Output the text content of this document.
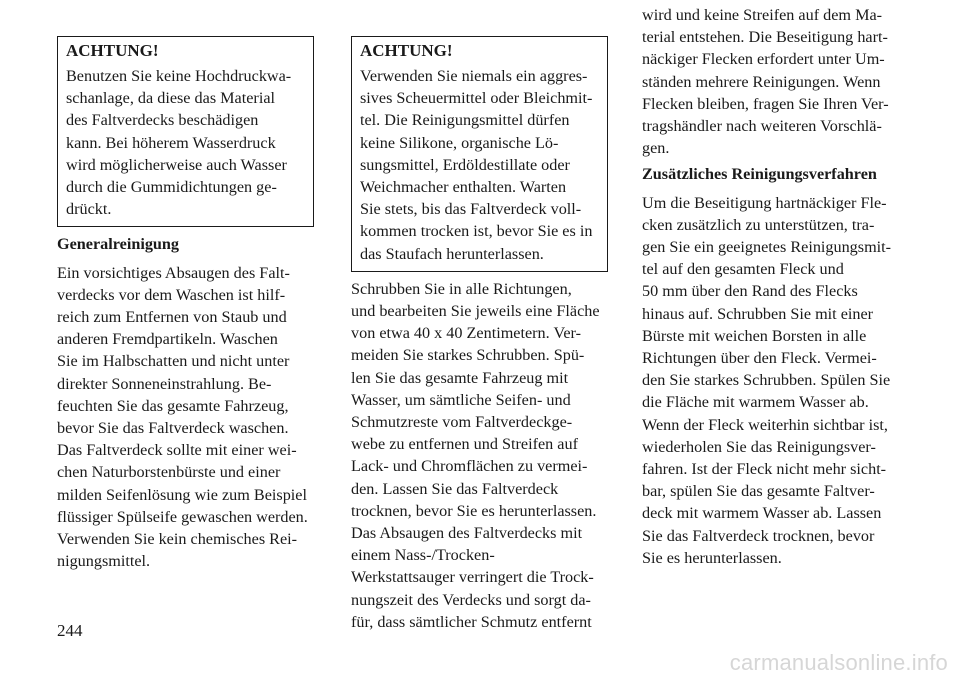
ACHTUNG!

Benutzen Sie keine Hochdruckwa-
schanlage, da diese das Material
des Faltverdecks beschädigen
kann. Bei höherem Wasserdruck
wird möglicherweise auch Wasser
durch die Gummidichtungen ge-
drückt.

Generalreinigung

Ein vorsichtiges Absaugen des Falt-
verdecks vor dem Waschen ist hilf-
reich zum Entfernen von Staub und
anderen Fremdpartikeln. Waschen
Sie im Halbschatten und nicht unter
direkter Sonneneinstrahlung. Be-
feuchten Sie das gesamte Fahrzeug,
bevor Sie das Faltverdeck waschen.
Das Faltverdeck sollte mit einer wei-
chen Naturborstenbürste und einer
milden Seifenlösung wie zum Beispiel
flüssiger Spülseife gewaschen werden.
Verwenden Sie kein chemisches Rei-
nigungsmittel.

ACHTUNG!

Verwenden Sie niemals ein aggres-
sives Scheuermittel oder Bleichmit-
tel. Die Reinigungsmittel dürfen
keine Silikone, organische Lö-
sungsmittel, Erdöldestillate oder
Weichmacher enthalten. Warten
Sie stets, bis das Faltverdeck voll-
kommen trocken ist, bevor Sie es in
das Staufach herunterlassen.

Schrubben Sie in alle Richtungen,
und bearbeiten Sie jeweils eine Fläche
von etwa 40 x 40 Zentimetern. Ver-
meiden Sie starkes Schrubben. Spü-
len Sie das gesamte Fahrzeug mit
Wasser, um sämtliche Seifen- und
Schmutzreste vom Faltverdeckge-
webe zu entfernen und Streifen auf
Lack- und Chromflächen zu vermei-
den. Lassen Sie das Faltverdeck
trocknen, bevor Sie es herunterlassen.
Das Absaugen des Faltverdecks mit
einem Nass-/Trocken-
Werkstattsauger verringert die Trock-
nungszeit des Verdecks und sorgt da-
für, dass sämtlicher Schmutz entfernt

wird und keine Streifen auf dem Ma-
terial entstehen. Die Beseitigung hart-
näckiger Flecken erfordert unter Um-
ständen mehrere Reinigungen. Wenn
Flecken bleiben, fragen Sie Ihren Ver-
tragshändler nach weiteren Vorschlä-
gen.

Zusätzliches Reinigungsverfahren

Um die Beseitigung hartnäckiger Fle-
cken zusätzlich zu unterstützen, tra-
gen Sie ein geeignetes Reinigungsmit-
tel auf den gesamten Fleck und
50 mm über den Rand des Flecks
hinaus auf. Schrubben Sie mit einer
Bürste mit weichen Borsten in alle
Richtungen über den Fleck. Vermei-
den Sie starkes Schrubben. Spülen Sie
die Fläche mit warmem Wasser ab.
Wenn der Fleck weiterhin sichtbar ist,
wiederholen Sie das Reinigungsver-
fahren. Ist der Fleck nicht mehr sicht-
bar, spülen Sie das gesamte Faltver-
deck mit warmem Wasser ab. Lassen
Sie das Faltverdeck trocknen, bevor
Sie es herunterlassen.

244
carmanualsonline.info
